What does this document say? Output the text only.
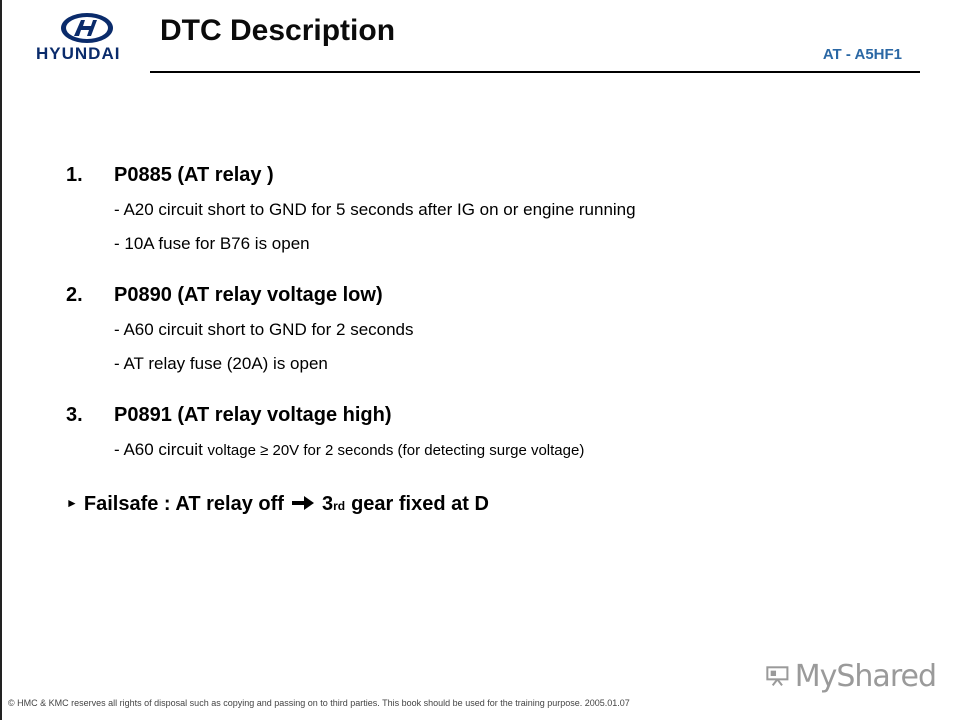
HYUNDAI
DTC Description
AT - A5HF1
1.	P0885 (AT relay )
- A20 circuit short to GND for 5 seconds after IG on or engine running
- 10A fuse for B76 is open
2.	P0890 (AT relay voltage low)
- A60 circuit short to GND for 2 seconds
- AT relay fuse (20A) is open
3.	P0891 (AT relay voltage high)
- A60 circuit voltage ≥ 20V for 2 seconds (for detecting surge voltage)
► Failsafe : AT relay off 3 rd gear fixed at D
MyShared
© HMC & KMC reserves all rights of disposal such as copying and passing on to third parties. This book should be used for the training purpose. 2005.01.07
